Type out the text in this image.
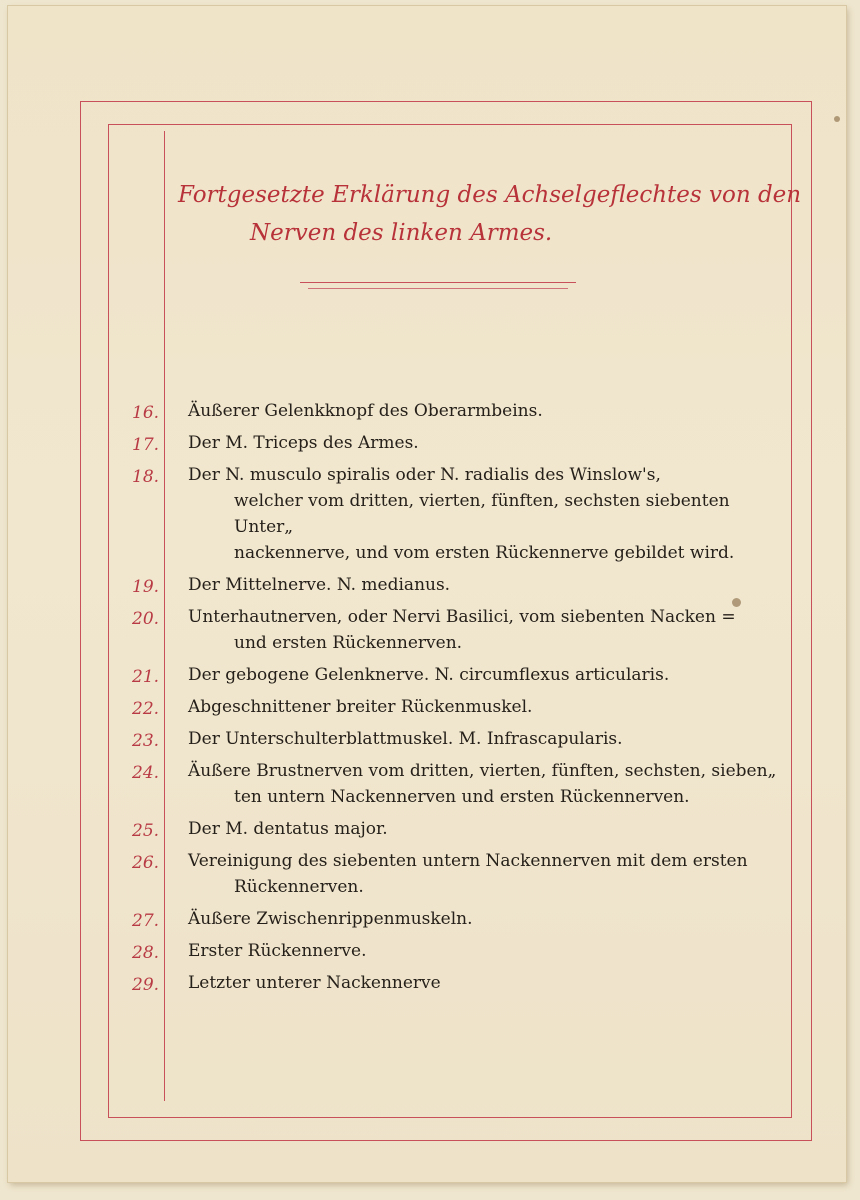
Fortgesetzte Erklärung des Achselgeflechtes von den
Nerven des linken Armes.
16.	Äußerer Gelenkknopf des Oberarmbeins.
17.	Der M. Triceps des Armes.
18.	Der N. musculo spiralis oder N. radialis des Winslow's,
welcher vom dritten, vierten, fünften, sechsten siebenten Unter„
nackennerve, und vom ersten Rückennerve gebildet wird.
19.	Der Mittelnerve. N. medianus.
20.	Unterhautnerven, oder Nervi Basilici, vom siebenten Nacken =
und ersten Rückennerven.
21.	Der gebogene Gelenknerve. N. circumflexus articularis.
22.	Abgeschnittener breiter Rückenmuskel.
23.	Der Unterschulterblattmuskel. M. Infrascapularis.
24.	Äußere Brustnerven vom dritten, vierten, fünften, sechsten, sieben„
ten untern Nackennerven und ersten Rückennerven.
25.	Der M. dentatus major.
26.	Vereinigung des siebenten untern Nackennerven mit dem ersten
Rückennerven.
27.	Äußere Zwischenrippenmuskeln.
28.	Erster Rückennerve.
29.	Letzter unterer Nackennerve
